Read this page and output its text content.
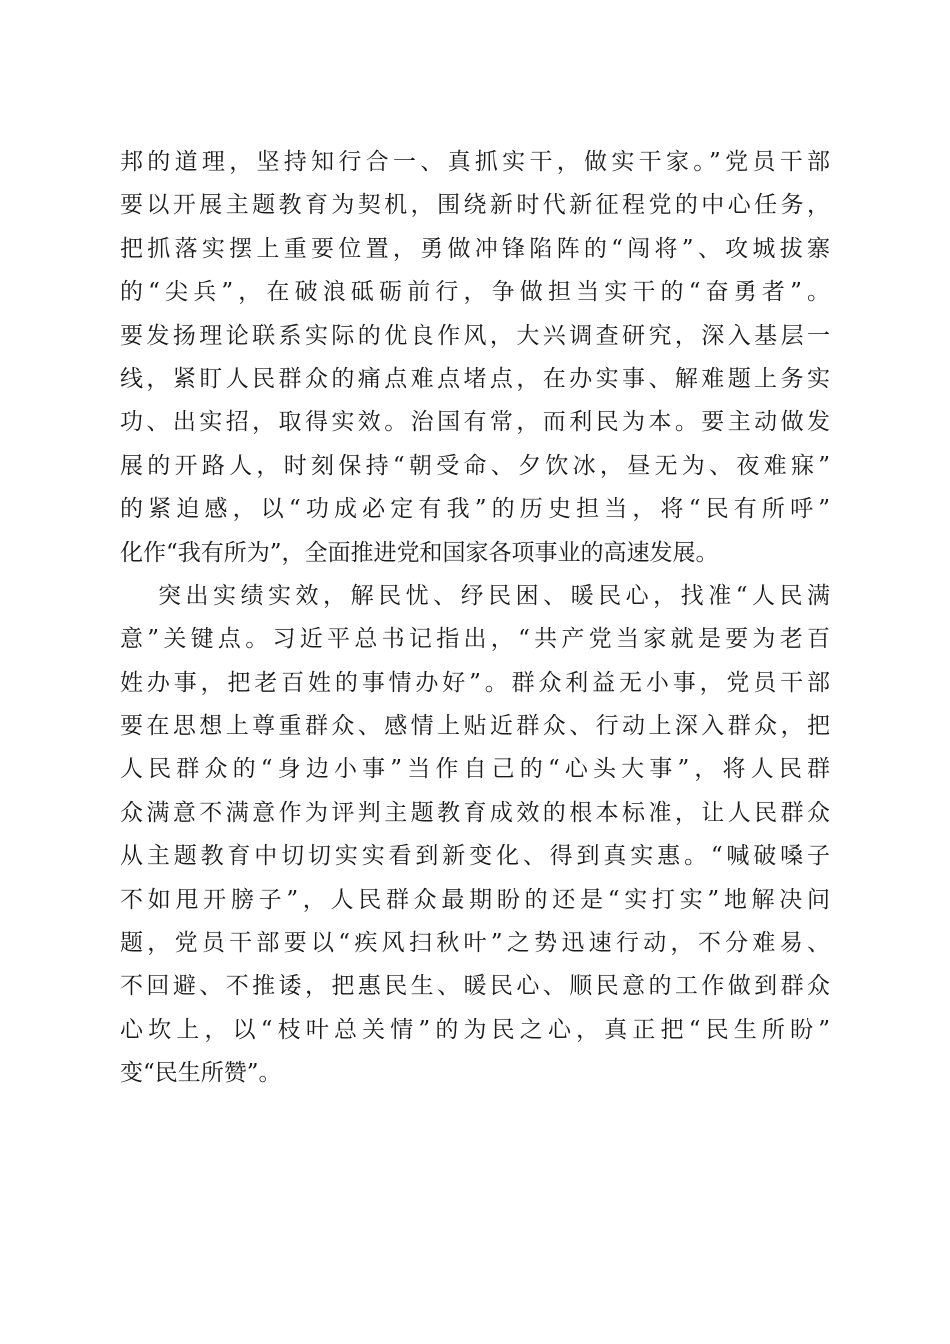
邦的道理，坚持知行合一、真抓实干，做实干家。”党员干部
要以开展主题教育为契机，围绕新时代新征程党的中心任务，
把抓落实摆上重要位置，勇做冲锋陷阵的“闯将”、攻城拔寨
的“尖兵”，在破浪砥砺前行，争做担当实干的“奋勇者”。
要发扬理论联系实际的优良作风，大兴调查研究，深入基层一
线，紧盯人民群众的痛点难点堵点，在办实事、解难题上务实
功、出实招，取得实效。治国有常，而利民为本。要主动做发
展的开路人，时刻保持“朝受命、夕饮冰，昼无为、夜难寐”
的紧迫感，以“功成必定有我”的历史担当，将“民有所呼”
化作“我有所为”，全面推进党和国家各项事业的高速发展。
突出实绩实效，解民忧、纾民困、暖民心，找准“人民满
意”关键点。习近平总书记指出，“共产党当家就是要为老百
姓办事，把老百姓的事情办好”。群众利益无小事，党员干部
要在思想上尊重群众、感情上贴近群众、行动上深入群众，把
人民群众的“身边小事”当作自己的“心头大事”，将人民群
众满意不满意作为评判主题教育成效的根本标准，让人民群众
从主题教育中切切实实看到新变化、得到真实惠。“喊破嗓子
不如甩开膀子”，人民群众最期盼的还是“实打实”地解决问
题，党员干部要以“疾风扫秋叶”之势迅速行动，不分难易、
不回避、不推诿，把惠民生、暖民心、顺民意的工作做到群众
心坎上，以“枝叶总关情”的为民之心，真正把“民生所盼”
变“民生所赞”。
